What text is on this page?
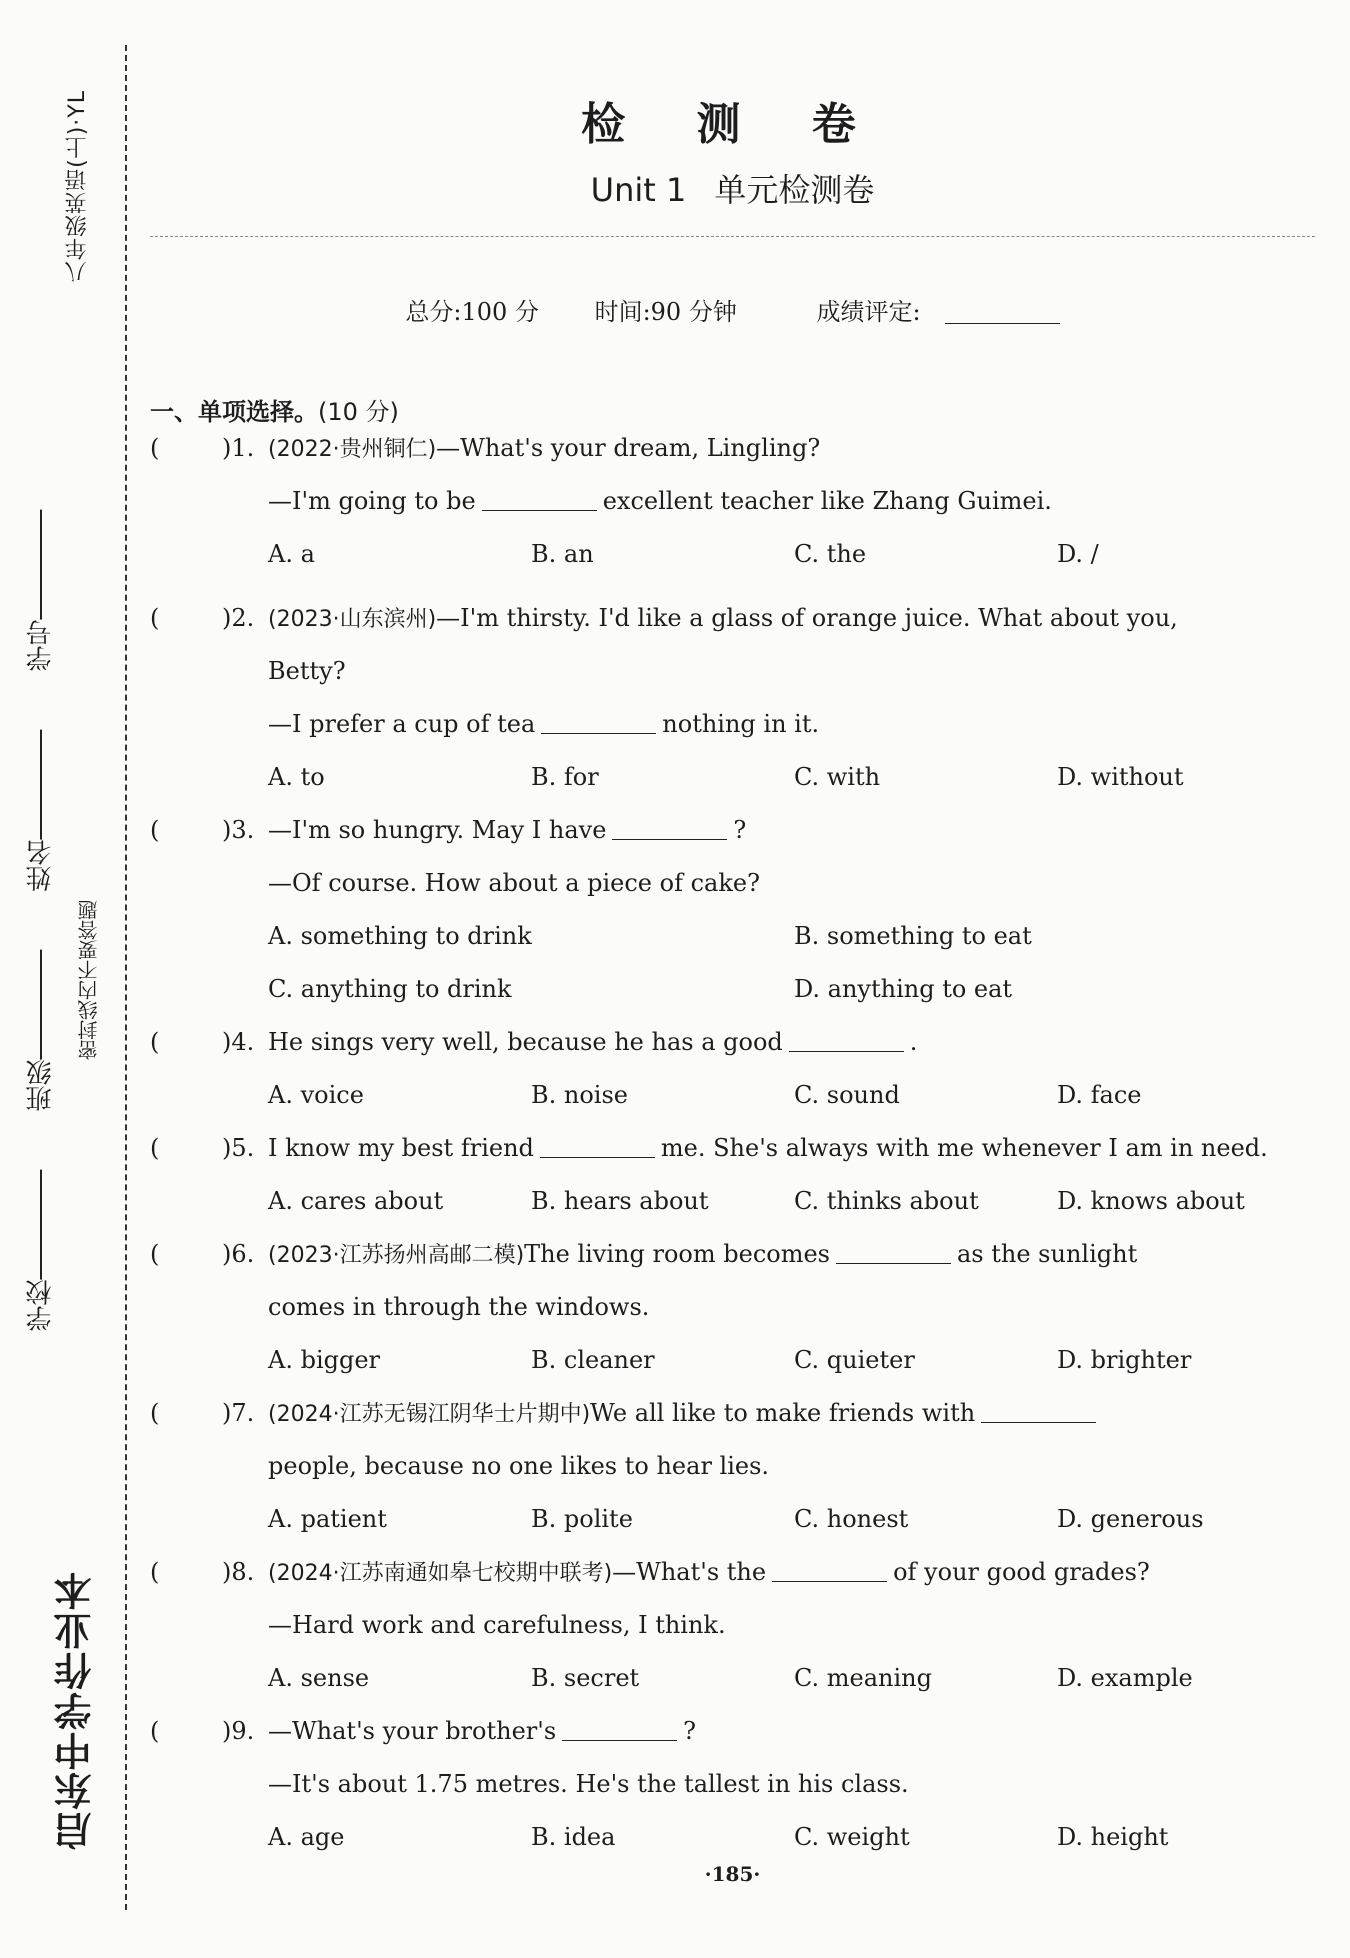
八年级英语(上)·YL
学校       班级       姓名       学号
密封线内不要答题
启东中学作业本
检 测 卷
Unit 1 单元检测卷
总分:100 分 时间:90 分钟	成绩评定:
一、单项选择。(10 分)
(	)1. (2022·贵州铜仁)—What's your dream, Lingling?
—I'm going to be	excellent teacher like Zhang Guimei.
A. a	B. an	C. the	D. /
(	)2. (2023·山东滨州)—I'm thirsty. I'd like a glass of orange juice. What about you,
Betty?
—I prefer a cup of tea	nothing in it.
A. to	B. for	C. with	D. without
(	)3. —I'm so hungry. May I have	?
—Of course. How about a piece of cake?
A. something to drink	B. something to eat
C. anything to drink	D. anything to eat
(	)4. He sings very well, because he has a good	.
A. voice	B. noise	C. sound	D. face
(	)5. I know my best friend	me. She's always with me whenever I am in need.
A. cares about	B. hears about	C. thinks about	D. knows about
(	)6. (2023·江苏扬州高邮二模)The living room becomes	as the sunlight
comes in through the windows.
A. bigger	B. cleaner	C. quieter	D. brighter
(	)7. (2024·江苏无锡江阴华士片期中)We all like to make friends with
people, because no one likes to hear lies.
A. patient	B. polite	C. honest	D. generous
(	)8. (2024·江苏南通如皋七校期中联考)—What's the	of your good grades?
—Hard work and carefulness, I think.
A. sense	B. secret	C. meaning	D. example
(	)9. —What's your brother's	?
—It's about 1.75 metres. He's the tallest in his class.
A. age	B. idea	C. weight	D. height
·185·
